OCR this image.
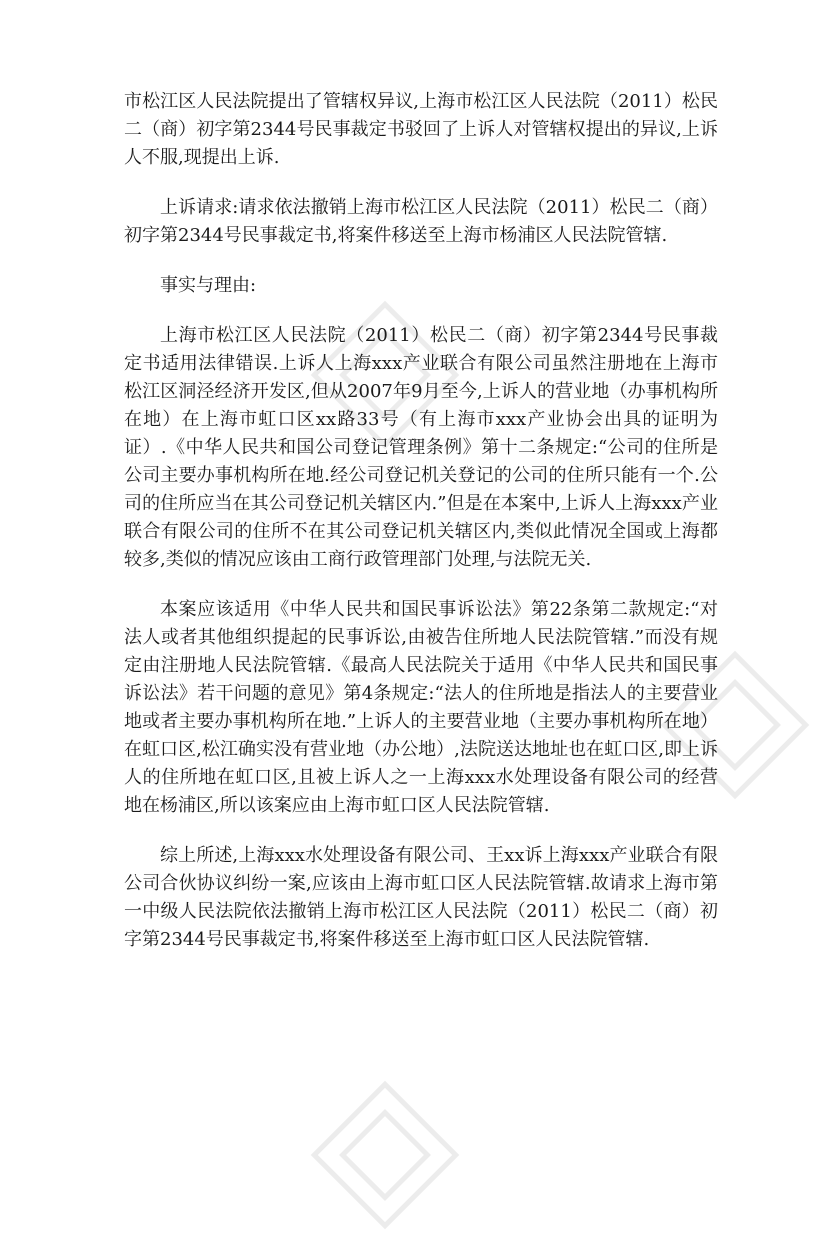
市松江区人民法院提出了管辖权异议,上海市松江区人民法院（2011）松民二（商）初字第2344号民事裁定书驳回了上诉人对管辖权提出的异议,上诉人不服,现提出上诉.

上诉请求:请求依法撤销上海市松江区人民法院（2011）松民二（商）初字第2344号民事裁定书,将案件移送至上海市杨浦区人民法院管辖.

事实与理由:

上海市松江区人民法院（2011）松民二（商）初字第2344号民事裁定书适用法律错误.上诉人上海xxx产业联合有限公司虽然注册地在上海市松江区洞泾经济开发区,但从2007年9月至今,上诉人的营业地（办事机构所在地）在上海市虹口区xx路33号（有上海市xxx产业协会出具的证明为证）.《中华人民共和国公司登记管理条例》第十二条规定:“公司的住所是公司主要办事机构所在地.经公司登记机关登记的公司的住所只能有一个.公司的住所应当在其公司登记机关辖区内.”但是在本案中,上诉人上海xxx产业联合有限公司的住所不在其公司登记机关辖区内,类似此情况全国或上海都较多,类似的情况应该由工商行政管理部门处理,与法院无关.

本案应该适用《中华人民共和国民事诉讼法》第22条第二款规定:“对法人或者其他组织提起的民事诉讼,由被告住所地人民法院管辖.”而没有规定由注册地人民法院管辖.《最高人民法院关于适用《中华人民共和国民事诉讼法》若干问题的意见》第4条规定:“法人的住所地是指法人的主要营业地或者主要办事机构所在地.”上诉人的主要营业地（主要办事机构所在地）在虹口区,松江确实没有营业地（办公地）,法院送达地址也在虹口区,即上诉人的住所地在虹口区,且被上诉人之一上海xxx水处理设备有限公司的经营地在杨浦区,所以该案应由上海市虹口区人民法院管辖.

综上所述,上海xxx水处理设备有限公司、王xx诉上海xxx产业联合有限公司合伙协议纠纷一案,应该由上海市虹口区人民法院管辖.故请求上海市第一中级人民法院依法撤销上海市松江区人民法院（2011）松民二（商）初字第2344号民事裁定书,将案件移送至上海市虹口区人民法院管辖.
